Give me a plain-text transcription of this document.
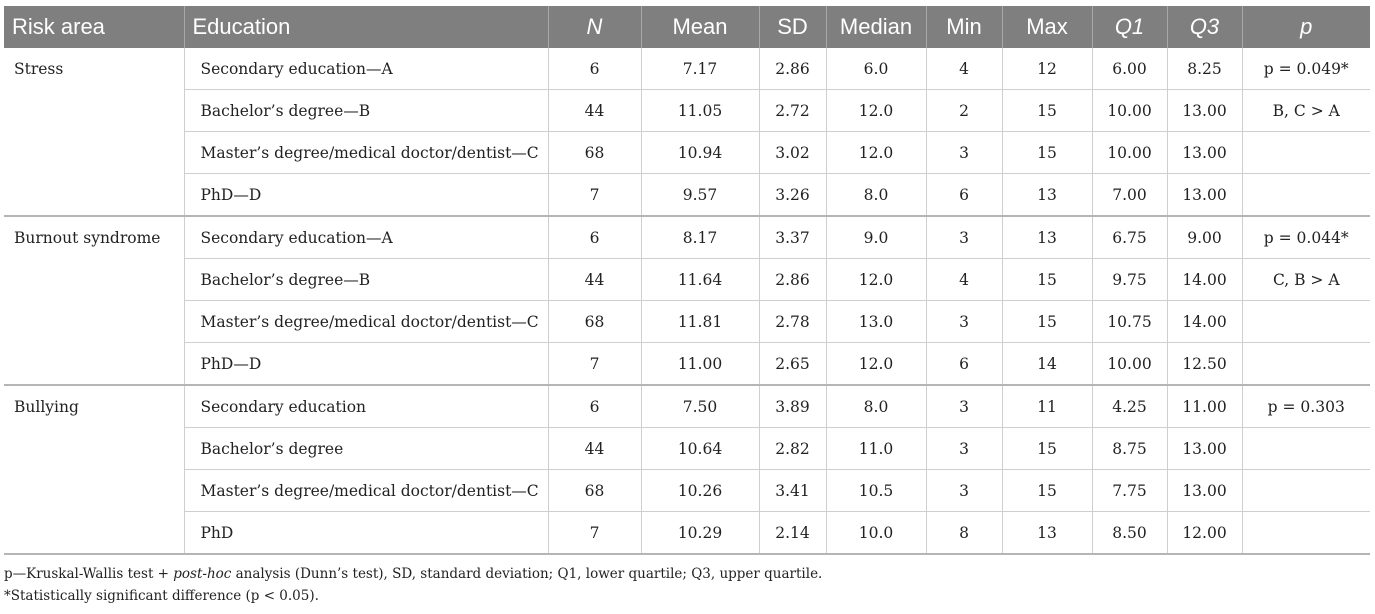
Risk area	Education	N	Mean	SD	Median	Min	Max	Q1	Q3	p
Stress	Secondary education—A	6	7.17	2.86	6.0	4	12	6.00	8.25	p = 0.049*
	Bachelor’s degree—B	44	11.05	2.72	12.0	2	15	10.00	13.00	B, C > A
	Master’s degree/medical doctor/dentist—C	68	10.94	3.02	12.0	3	15	10.00	13.00	
	PhD—D	7	9.57	3.26	8.0	6	13	7.00	13.00	
Burnout syndrome	Secondary education—A	6	8.17	3.37	9.0	3	13	6.75	9.00	p = 0.044*
	Bachelor’s degree—B	44	11.64	2.86	12.0	4	15	9.75	14.00	C, B > A
	Master’s degree/medical doctor/dentist—C	68	11.81	2.78	13.0	3	15	10.75	14.00	
	PhD—D	7	11.00	2.65	12.0	6	14	10.00	12.50	
Bullying	Secondary education	6	7.50	3.89	8.0	3	11	4.25	11.00	p = 0.303
	Bachelor’s degree	44	10.64	2.82	11.0	3	15	8.75	13.00	
	Master’s degree/medical doctor/dentist—C	68	10.26	3.41	10.5	3	15	7.75	13.00	
	PhD	7	10.29	2.14	10.0	8	13	8.50	12.00	

p—Kruskal-Wallis test + post-hoc analysis (Dunn’s test), SD, standard deviation; Q1, lower quartile; Q3, upper quartile.

*Statistically significant difference (p < 0.05).
